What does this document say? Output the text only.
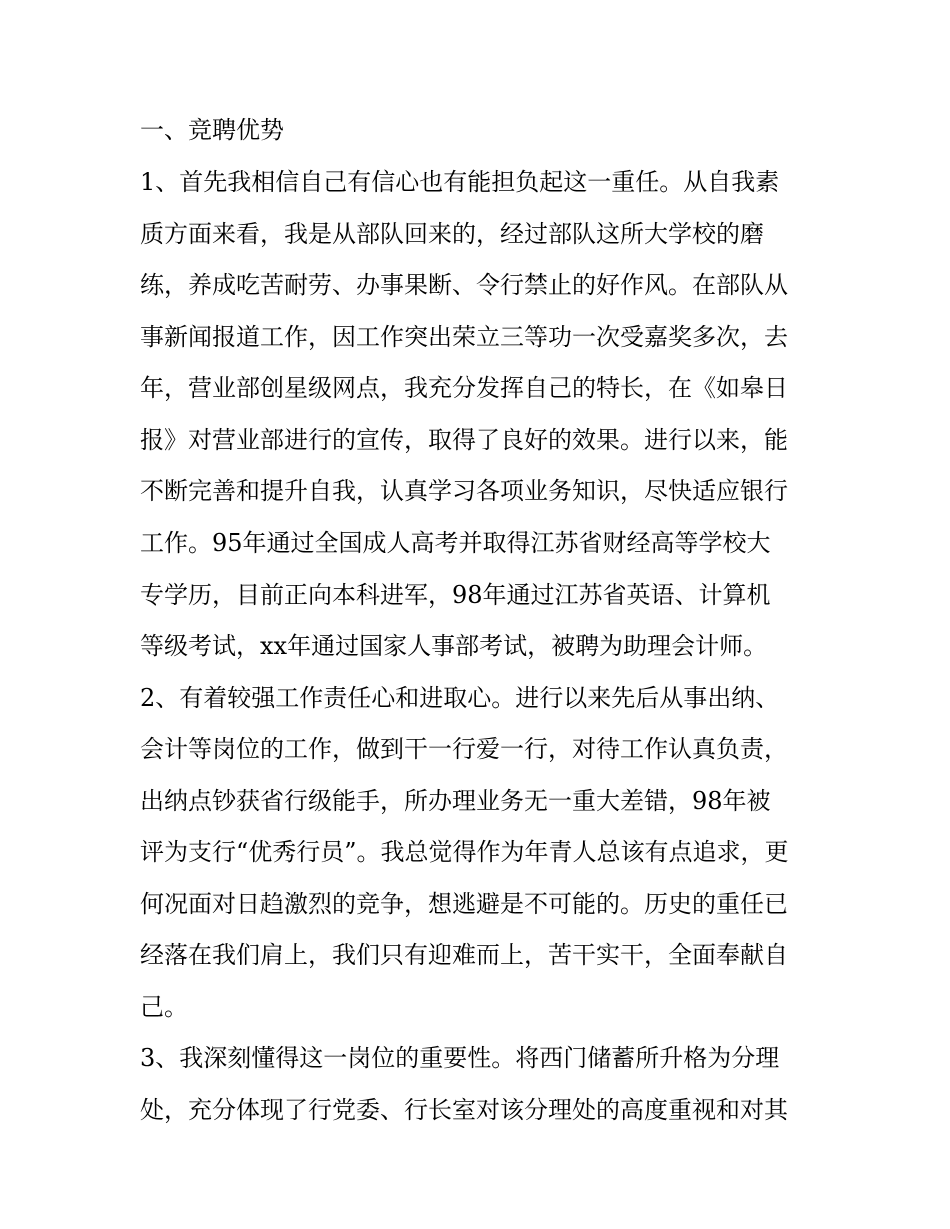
一、竞聘优势
1、首先我相信自己有信心也有能担负起这一重任。从自我素
质方面来看，我是从部队回来的，经过部队这所大学校的磨
练，养成吃苦耐劳、办事果断、令行禁止的好作风。在部队从
事新闻报道工作，因工作突出荣立三等功一次受嘉奖多次，去
年，营业部创星级网点，我充分发挥自己的特长，在《如皋日
报》对营业部进行的宣传，取得了良好的效果。进行以来，能
不断完善和提升自我，认真学习各项业务知识，尽快适应银行
工作。95年通过全国成人高考并取得江苏省财经高等学校大
专学历，目前正向本科进军，98年通过江苏省英语、计算机
等级考试，xx年通过国家人事部考试，被聘为助理会计师。
2、有着较强工作责任心和进取心。进行以来先后从事出纳、
会计等岗位的工作，做到干一行爱一行，对待工作认真负责，
出纳点钞获省行级能手，所办理业务无一重大差错，98年被
评为支行“优秀行员”。我总觉得作为年青人总该有点追求，更
何况面对日趋激烈的竞争，想逃避是不可能的。历史的重任已
经落在我们肩上，我们只有迎难而上，苦干实干，全面奉献自
己。
3、我深刻懂得这一岗位的重要性。将西门储蓄所升格为分理
处，充分体现了行党委、行长室对该分理处的高度重视和对其
